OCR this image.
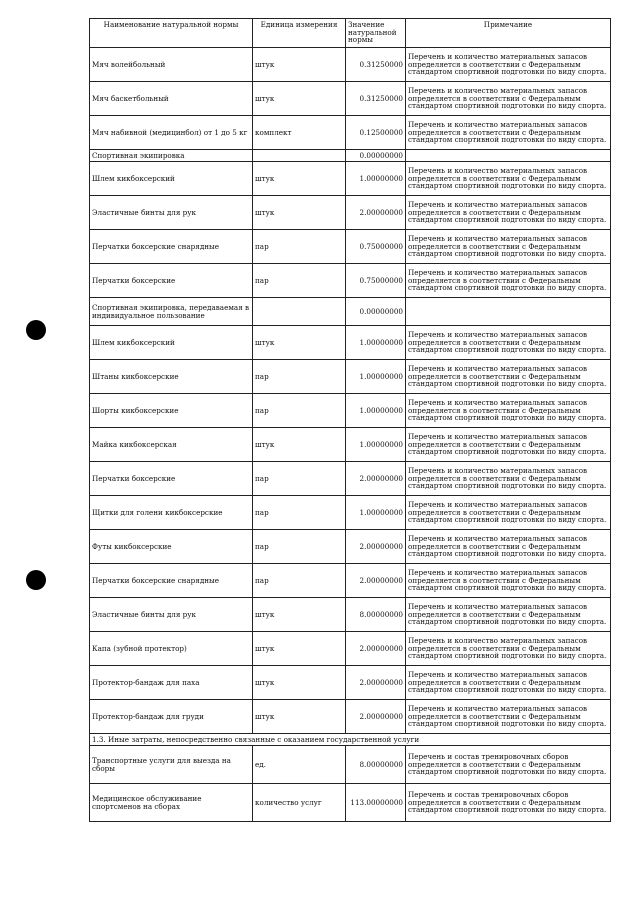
Наименование натуральной нормы	Единица измерения	Значение натуральной нормы	Примечание
Мяч волейбольный	штук	0.31250000	Перечень и количество материальных запасов определяется в соответствии с Федеральным стандартом спортивной подготовки по виду спорта.
Мяч баскетбольный	штук	0.31250000	Перечень и количество материальных запасов определяется в соответствии с Федеральным стандартом спортивной подготовки по виду спорта.
Мяч набивной (медицинбол) от 1 до 5 кг	комплект	0.12500000	Перечень и количество материальных запасов определяется в соответствии с Федеральным стандартом спортивной подготовки по виду спорта.
Спортивная экипировка		0.00000000	
Шлем кикбоксерский	штук	1.00000000	Перечень и количество материальных запасов определяется в соответствии с Федеральным стандартом спортивной подготовки по виду спорта.
Эластичные бинты для рук	штук	2.00000000	Перечень и количество материальных запасов определяется в соответствии с Федеральным стандартом спортивной подготовки по виду спорта.
Перчатки боксерские снарядные	пар	0.75000000	Перечень и количество материальных запасов определяется в соответствии с Федеральным стандартом спортивной подготовки по виду спорта.
Перчатки боксерские	пар	0.75000000	Перечень и количество материальных запасов определяется в соответствии с Федеральным стандартом спортивной подготовки по виду спорта.
Спортивная экипировка, передаваемая в индивидуальное пользование		0.00000000	
Шлем кикбоксерский	штук	1.00000000	Перечень и количество материальных запасов определяется в соответствии с Федеральным стандартом спортивной подготовки по виду спорта.
Штаны кикбоксерские	пар	1.00000000	Перечень и количество материальных запасов определяется в соответствии с Федеральным стандартом спортивной подготовки по виду спорта.
Шорты кикбоксерские	пар	1.00000000	Перечень и количество материальных запасов определяется в соответствии с Федеральным стандартом спортивной подготовки по виду спорта.
Майка кикбоксерская	штук	1.00000000	Перечень и количество материальных запасов определяется в соответствии с Федеральным стандартом спортивной подготовки по виду спорта.
Перчатки боксерские	пар	2.00000000	Перечень и количество материальных запасов определяется в соответствии с Федеральным стандартом спортивной подготовки по виду спорта.
Щитки для голени кикбоксерские	пар	1.00000000	Перечень и количество материальных запасов определяется в соответствии с Федеральным стандартом спортивной подготовки по виду спорта.
Футы кикбоксерские	пар	2.00000000	Перечень и количество материальных запасов определяется в соответствии с Федеральным стандартом спортивной подготовки по виду спорта.
Перчатки боксерские снарядные	пар	2.00000000	Перечень и количество материальных запасов определяется в соответствии с Федеральным стандартом спортивной подготовки по виду спорта.
Эластичные бинты для рук	штук	8.00000000	Перечень и количество материальных запасов определяется в соответствии с Федеральным стандартом спортивной подготовки по виду спорта.
Капа (зубной протектор)	штук	2.00000000	Перечень и количество материальных запасов определяется в соответствии с Федеральным стандартом спортивной подготовки по виду спорта.
Протектор-бандаж для паха	штук	2.00000000	Перечень и количество материальных запасов определяется в соответствии с Федеральным стандартом спортивной подготовки по виду спорта.
Протектор-бандаж для груди	штук	2.00000000	Перечень и количество материальных запасов определяется в соответствии с Федеральным стандартом спортивной подготовки по виду спорта.
1.3. Иные затраты, непосредственно связанные с оказанием государственной услуги			
Транспортные услуги для выезда на сборы	ед.	8.00000000	Перечень и состав тренировочных сборов определяется в соответствии с Федеральным стандартом спортивной подготовки по виду спорта.
Медицинское обслуживание спортсменов на сборах	количество услуг	113.00000000	Перечень и состав тренировочных сборов определяется в соответствии с Федеральным стандартом спортивной подготовки по виду спорта.
